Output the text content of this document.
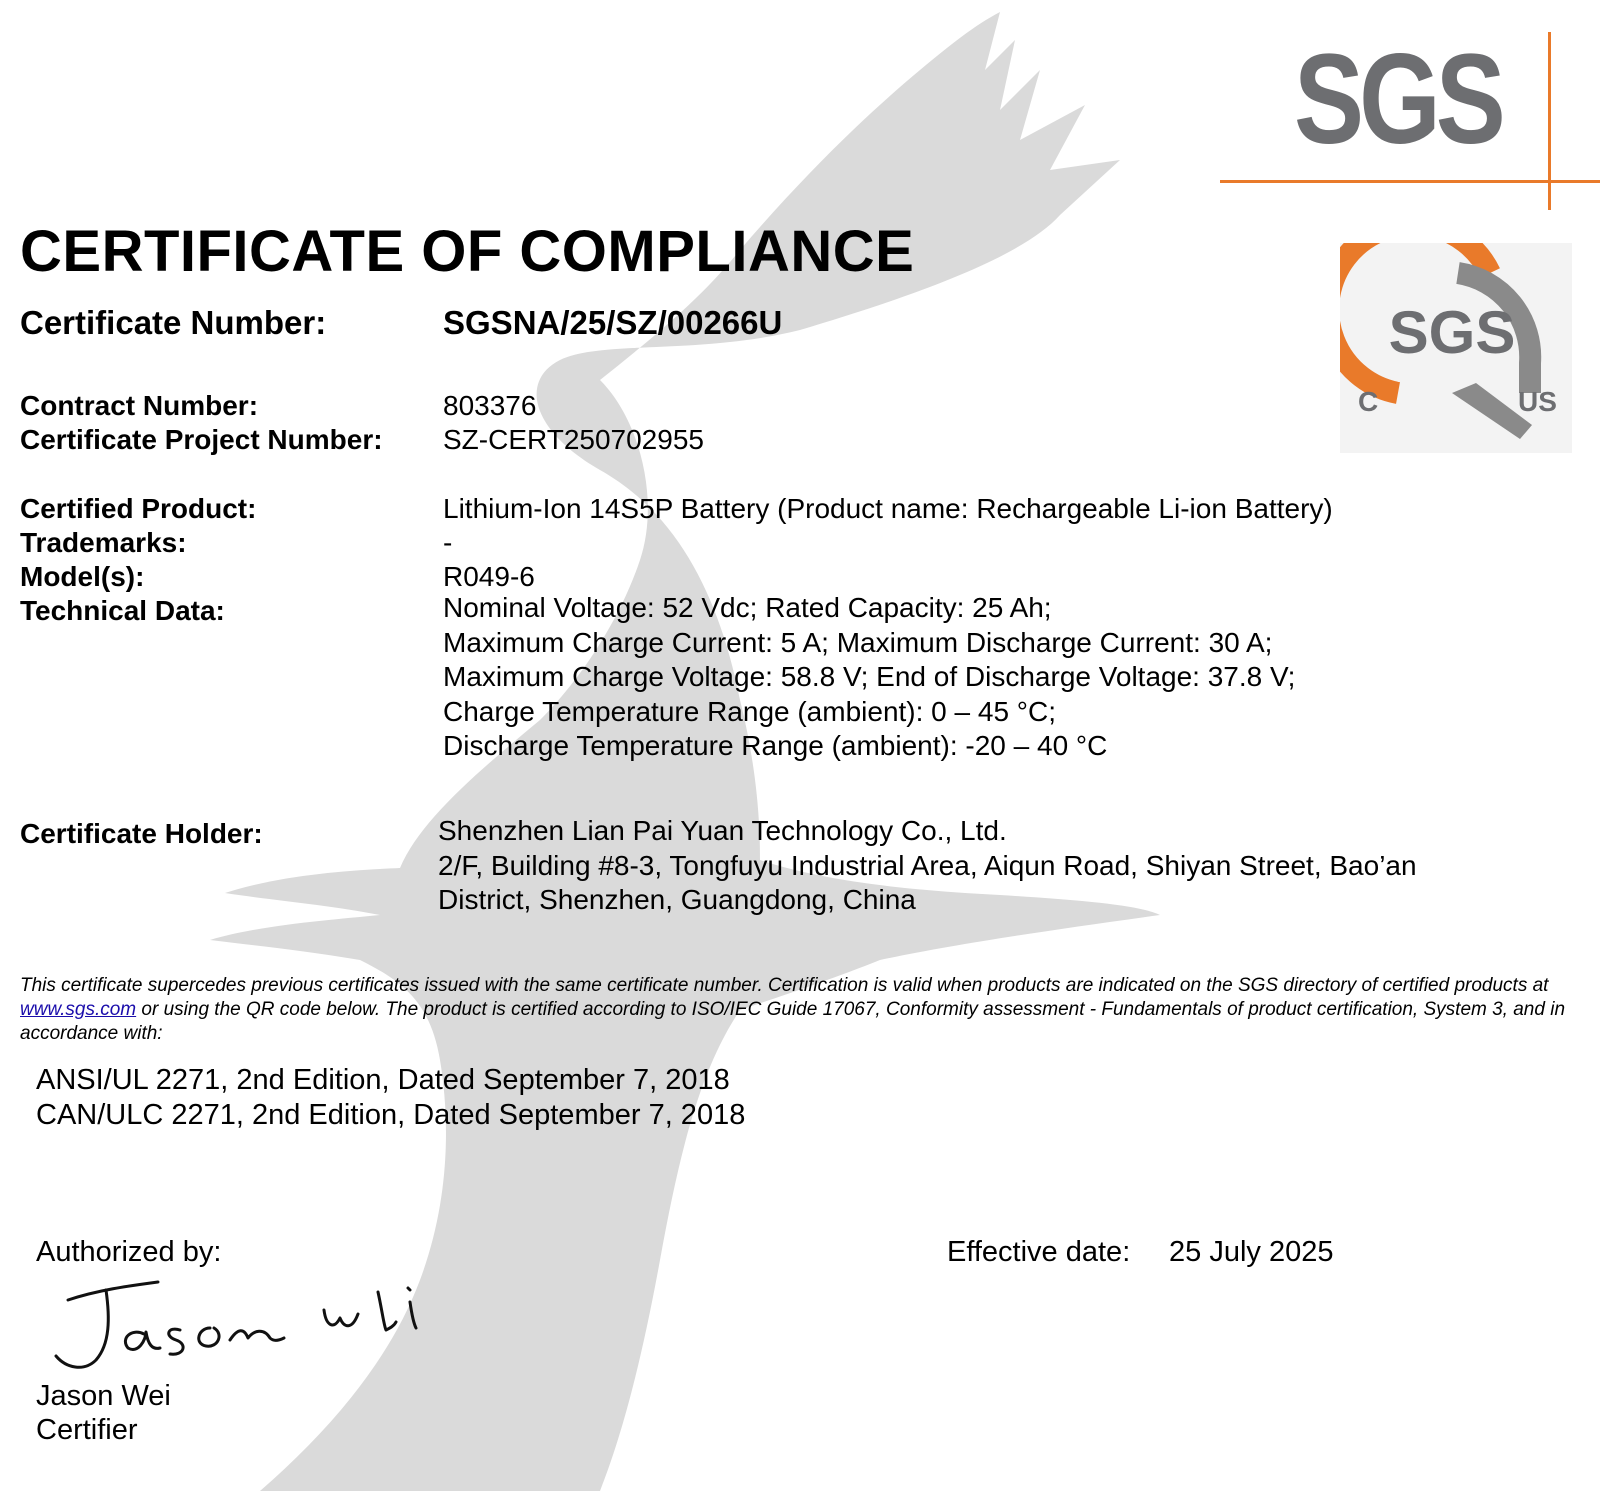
SGS
SGS
C	US
CERTIFICATE OF COMPLIANCE
Certificate Number:	SGSNA/25/SZ/00266U
Contract Number:	803376
Certificate Project Number: SZ-CERT250702955
Certified Product:	Lithium-Ion 14S5P Battery (Product name: Rechargeable Li-ion Battery)
Trademarks:	-
Model(s):	R049-6
Technical Data:	Nominal Voltage: 52 Vdc; Rated Capacity: 25 Ah;
Maximum Charge Current: 5 A; Maximum Discharge Current: 30 A;
Maximum Charge Voltage: 58.8 V; End of Discharge Voltage: 37.8 V;
Charge Temperature Range (ambient): 0 – 45 °C;
Discharge Temperature Range (ambient): -20 – 40 °C
Certificate Holder:	Shenzhen Lian Pai Yuan Technology Co., Ltd.
2/F, Building #8-3, Tongfuyu Industrial Area, Aiqun Road, Shiyan Street, Bao’an
District, Shenzhen, Guangdong, China
This certificate supercedes previous certificates issued with the same certificate number. Certification is valid when products are indicated on the SGS directory of certified products at www.sgs.com or using the QR code below. The product is certified according to ISO/IEC Guide 17067, Conformity assessment - Fundamentals of product certification, System 3, and in accordance with:
ANSI/UL 2271, 2nd Edition, Dated September 7, 2018
CAN/ULC 2271, 2nd Edition, Dated September 7, 2018
Authorized by:
Jason Wei
Certifier
Effective date: 25 July 2025
